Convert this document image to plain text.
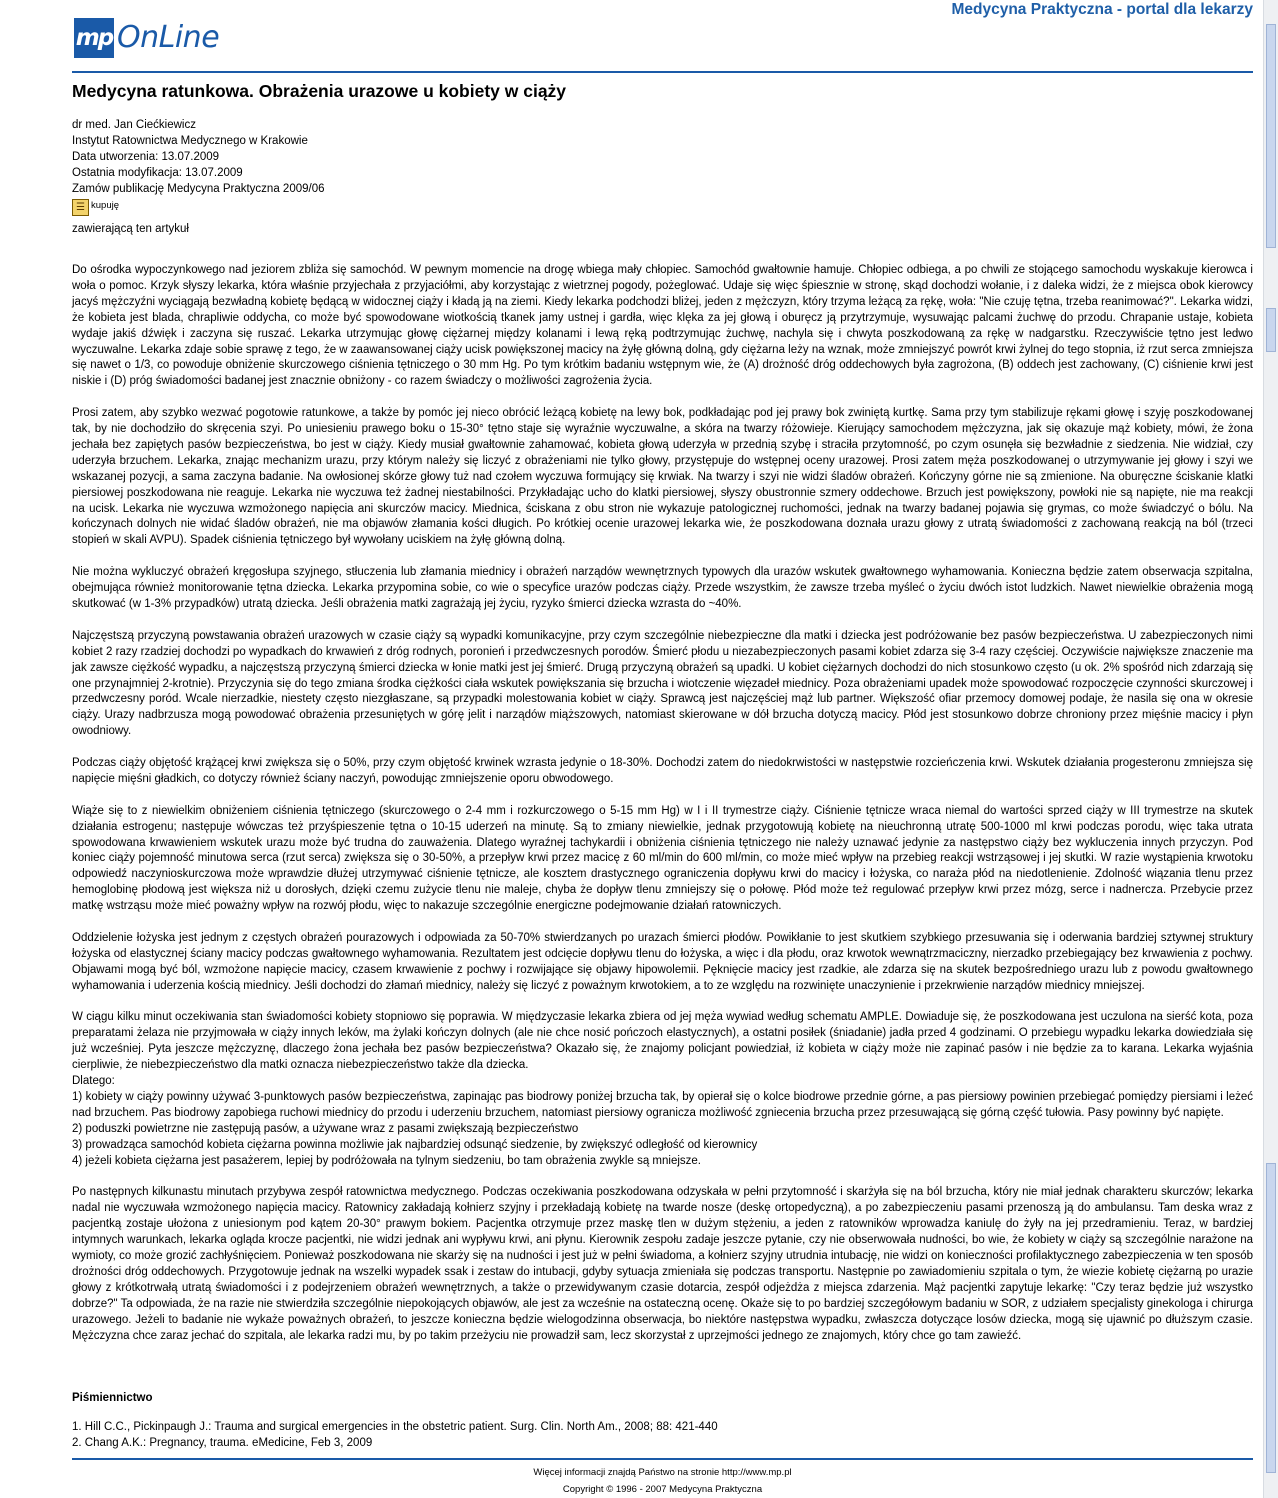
Medycyna Praktyczna - portal dla lekarzy
mp OnLine
Medycyna ratunkowa. Obrażenia urazowe u kobiety w ciąży
dr med. Jan Ciećkiewicz
Instytut Ratownictwa Medycznego w Krakowie
Data utworzenia: 13.07.2009
Ostatnia modyfikacja: 13.07.2009
Zamów publikację Medycyna Praktyczna 2009/06
☰ kupuję
zawierającą ten artykuł

Do ośrodka wypoczynkowego nad jeziorem zbliża się samochód. W pewnym momencie na drogę wbiega mały chłopiec. Samochód gwałtownie hamuje. Chłopiec odbiega, a po chwili ze stojącego samochodu wyskakuje kierowca i woła o pomoc. Krzyk słyszy lekarka, która właśnie przyjechała z przyjaciółmi, aby korzystając z wietrznej pogody, pożeglować. Udaje się więc śpiesznie w stronę, skąd dochodzi wołanie, i z daleka widzi, że z miejsca obok kierowcy jacyś mężczyźni wyciągają bezwładną kobietę będącą w widocznej ciąży i kładą ją na ziemi. Kiedy lekarka podchodzi bliżej, jeden z mężczyzn, który trzyma leżącą za rękę, woła: "Nie czuję tętna, trzeba reanimować?". Lekarka widzi, że kobieta jest blada, chrapliwie oddycha, co może być spowodowane wiotkością tkanek jamy ustnej i gardła, więc klęka za jej głową i oburęcz ją przytrzymuje, wysuwając palcami żuchwę do przodu. Chrapanie ustaje, kobieta wydaje jakiś dźwięk i zaczyna się ruszać. Lekarka utrzymując głowę ciężarnej między kolanami i lewą ręką podtrzymując żuchwę, nachyla się i chwyta poszkodowaną za rękę w nadgarstku. Rzeczywiście tętno jest ledwo wyczuwalne. Lekarka zdaje sobie sprawę z tego, że w zaawansowanej ciąży ucisk powiększonej macicy na żyłę główną dolną, gdy ciężarna leży na wznak, może zmniejszyć powrót krwi żylnej do tego stopnia, iż rzut serca zmniejsza się nawet o 1/3, co powoduje obniżenie skurczowego ciśnienia tętniczego o 30 mm Hg. Po tym krótkim badaniu wstępnym wie, że (A) drożność dróg oddechowych była zagrożona, (B) oddech jest zachowany, (C) ciśnienie krwi jest niskie i (D) próg świadomości badanej jest znacznie obniżony - co razem świadczy o możliwości zagrożenia życia.

Prosi zatem, aby szybko wezwać pogotowie ratunkowe, a także by pomóc jej nieco obrócić leżącą kobietę na lewy bok, podkładając pod jej prawy bok zwiniętą kurtkę. Sama przy tym stabilizuje rękami głowę i szyję poszkodowanej tak, by nie dochodziło do skręcenia szyi. Po uniesieniu prawego boku o 15-30° tętno staje się wyraźnie wyczuwalne, a skóra na twarzy różowieje. Kierujący samochodem mężczyzna, jak się okazuje mąż kobiety, mówi, że żona jechała bez zapiętych pasów bezpieczeństwa, bo jest w ciąży. Kiedy musiał gwałtownie zahamować, kobieta głową uderzyła w przednią szybę i straciła przytomność, po czym osunęła się bezwładnie z siedzenia. Nie widział, czy uderzyła brzuchem. Lekarka, znając mechanizm urazu, przy którym należy się liczyć z obrażeniami nie tylko głowy, przystępuje do wstępnej oceny urazowej. Prosi zatem męża poszkodowanej o utrzymywanie jej głowy i szyi we wskazanej pozycji, a sama zaczyna badanie. Na owłosionej skórze głowy tuż nad czołem wyczuwa formujący się krwiak. Na twarzy i szyi nie widzi śladów obrażeń. Kończyny górne nie są zmienione. Na oburęczne ściskanie klatki piersiowej poszkodowana nie reaguje. Lekarka nie wyczuwa też żadnej niestabilności. Przykładając ucho do klatki piersiowej, słyszy obustronnie szmery oddechowe. Brzuch jest powiększony, powłoki nie są napięte, nie ma reakcji na ucisk. Lekarka nie wyczuwa wzmożonego napięcia ani skurczów macicy. Miednica, ściskana z obu stron nie wykazuje patologicznej ruchomości, jednak na twarzy badanej pojawia się grymas, co może świadczyć o bólu. Na kończynach dolnych nie widać śladów obrażeń, nie ma objawów złamania kości długich. Po krótkiej ocenie urazowej lekarka wie, że poszkodowana doznała urazu głowy z utratą świadomości z zachowaną reakcją na ból (trzeci stopień w skali AVPU). Spadek ciśnienia tętniczego był wywołany uciskiem na żyłę główną dolną.

Nie można wykluczyć obrażeń kręgosłupa szyjnego, stłuczenia lub złamania miednicy i obrażeń narządów wewnętrznych typowych dla urazów wskutek gwałtownego wyhamowania. Konieczna będzie zatem obserwacja szpitalna, obejmująca również monitorowanie tętna dziecka. Lekarka przypomina sobie, co wie o specyfice urazów podczas ciąży. Przede wszystkim, że zawsze trzeba myśleć o życiu dwóch istot ludzkich. Nawet niewielkie obrażenia mogą skutkować (w 1-3% przypadków) utratą dziecka. Jeśli obrażenia matki zagrażają jej życiu, ryzyko śmierci dziecka wzrasta do ~40%.

Najczęstszą przyczyną powstawania obrażeń urazowych w czasie ciąży są wypadki komunikacyjne, przy czym szczególnie niebezpieczne dla matki i dziecka jest podróżowanie bez pasów bezpieczeństwa. U zabezpieczonych nimi kobiet 2 razy rzadziej dochodzi po wypadkach do krwawień z dróg rodnych, poronień i przedwczesnych porodów. Śmierć płodu u niezabezpieczonych pasami kobiet zdarza się 3-4 razy częściej. Oczywiście największe znaczenie ma jak zawsze ciężkość wypadku, a najczęstszą przyczyną śmierci dziecka w łonie matki jest jej śmierć. Drugą przyczyną obrażeń są upadki. U kobiet ciężarnych dochodzi do nich stosunkowo często (u ok. 2% spośród nich zdarzają się one przynajmniej 2-krotnie). Przyczynia się do tego zmiana środka ciężkości ciała wskutek powiększania się brzucha i wiotczenie więzadeł miednicy. Poza obrażeniami upadek może spowodować rozpoczęcie czynności skurczowej i przedwczesny poród. Wcale nierzadkie, niestety często niezgłaszane, są przypadki molestowania kobiet w ciąży. Sprawcą jest najczęściej mąż lub partner. Większość ofiar przemocy domowej podaje, że nasila się ona w okresie ciąży. Urazy nadbrzusza mogą powodować obrażenia przesuniętych w górę jelit i narządów miąższowych, natomiast skierowane w dół brzucha dotyczą macicy. Płód jest stosunkowo dobrze chroniony przez mięśnie macicy i płyn owodniowy.

Podczas ciąży objętość krążącej krwi zwiększa się o 50%, przy czym objętość krwinek wzrasta jedynie o 18-30%. Dochodzi zatem do niedokrwistości w następstwie rozcieńczenia krwi. Wskutek działania progesteronu zmniejsza się napięcie mięśni gładkich, co dotyczy również ściany naczyń, powodując zmniejszenie oporu obwodowego.

Wiąże się to z niewielkim obniżeniem ciśnienia tętniczego (skurczowego o 2-4 mm i rozkurczowego o 5-15 mm Hg) w I i II trymestrze ciąży. Ciśnienie tętnicze wraca niemal do wartości sprzed ciąży w III trymestrze na skutek działania estrogenu; następuje wówczas też przyśpieszenie tętna o 10-15 uderzeń na minutę. Są to zmiany niewielkie, jednak przygotowują kobietę na nieuchronną utratę 500-1000 ml krwi podczas porodu, więc taka utrata spowodowana krwawieniem wskutek urazu może być trudna do zauważenia. Dlatego wyraźnej tachykardii i obniżenia ciśnienia tętniczego nie należy uznawać jedynie za następstwo ciąży bez wykluczenia innych przyczyn. Pod koniec ciąży pojemność minutowa serca (rzut serca) zwiększa się o 30-50%, a przepływ krwi przez macicę z 60 ml/min do 600 ml/min, co może mieć wpływ na przebieg reakcji wstrząsowej i jej skutki. W razie wystąpienia krwotoku odpowiedź naczynioskurczowa może wprawdzie dłużej utrzymywać ciśnienie tętnicze, ale kosztem drastycznego ograniczenia dopływu krwi do macicy i łożyska, co naraża płód na niedotlenienie. Zdolność wiązania tlenu przez hemoglobinę płodową jest większa niż u dorosłych, dzięki czemu zużycie tlenu nie maleje, chyba że dopływ tlenu zmniejszy się o połowę. Płód może też regulować przepływ krwi przez mózg, serce i nadnercza. Przebycie przez matkę wstrząsu może mieć poważny wpływ na rozwój płodu, więc to nakazuje szczególnie energiczne podejmowanie działań ratowniczych.

Oddzielenie łożyska jest jednym z częstych obrażeń pourazowych i odpowiada za 50-70% stwierdzanych po urazach śmierci płodów. Powikłanie to jest skutkiem szybkiego przesuwania się i oderwania bardziej sztywnej struktury łożyska od elastycznej ściany macicy podczas gwałtownego wyhamowania. Rezultatem jest odcięcie dopływu tlenu do łożyska, a więc i dla płodu, oraz krwotok wewnątrzmaciczny, nierzadko przebiegający bez krwawienia z pochwy. Objawami mogą być ból, wzmożone napięcie macicy, czasem krwawienie z pochwy i rozwijające się objawy hipowolemii. Pęknięcie macicy jest rzadkie, ale zdarza się na skutek bezpośredniego urazu lub z powodu gwałtownego wyhamowania i uderzenia kością miednicy. Jeśli dochodzi do złamań miednicy, należy się liczyć z poważnym krwotokiem, a to ze względu na rozwinięte unaczynienie i przekrwienie narządów miednicy mniejszej.

W ciągu kilku minut oczekiwania stan świadomości kobiety stopniowo się poprawia. W międzyczasie lekarka zbiera od jej męża wywiad według schematu AMPLE. Dowiaduje się, że poszkodowana jest uczulona na sierść kota, poza preparatami żelaza nie przyjmowała w ciąży innych leków, ma żylaki kończyn dolnych (ale nie chce nosić pończoch elastycznych), a ostatni posiłek (śniadanie) jadła przed 4 godzinami. O przebiegu wypadku lekarka dowiedziała się już wcześniej. Pyta jeszcze mężczyznę, dlaczego żona jechała bez pasów bezpieczeństwa? Okazało się, że znajomy policjant powiedział, iż kobieta w ciąży może nie zapinać pasów i nie będzie za to karana. Lekarka wyjaśnia cierpliwie, że niebezpieczeństwo dla matki oznacza niebezpieczeństwo także dla dziecka.
Dlatego:
1) kobiety w ciąży powinny używać 3-punktowych pasów bezpieczeństwa, zapinając pas biodrowy poniżej brzucha tak, by opierał się o kolce biodrowe przednie górne, a pas piersiowy powinien przebiegać pomiędzy piersiami i leżeć nad brzuchem. Pas biodrowy zapobiega ruchowi miednicy do przodu i uderzeniu brzuchem, natomiast piersiowy ogranicza możliwość zgniecenia brzucha przez przesuwającą się górną część tułowia. Pasy powinny być napięte.
2) poduszki powietrzne nie zastępują pasów, a używane wraz z pasami zwiększają bezpieczeństwo
3) prowadząca samochód kobieta ciężarna powinna możliwie jak najbardziej odsunąć siedzenie, by zwiększyć odległość od kierownicy
4) jeżeli kobieta ciężarna jest pasażerem, lepiej by podróżowała na tylnym siedzeniu, bo tam obrażenia zwykle są mniejsze.

Po następnych kilkunastu minutach przybywa zespół ratownictwa medycznego. Podczas oczekiwania poszkodowana odzyskała w pełni przytomność i skarżyła się na ból brzucha, który nie miał jednak charakteru skurczów; lekarka nadal nie wyczuwała wzmożonego napięcia macicy. Ratownicy zakładają kołnierz szyjny i przekładają kobietę na twarde nosze (deskę ortopedyczną), a po zabezpieczeniu pasami przenoszą ją do ambulansu. Tam deska wraz z pacjentką zostaje ułożona z uniesionym pod kątem 20-30° prawym bokiem. Pacjentka otrzymuje przez maskę tlen w dużym stężeniu, a jeden z ratowników wprowadza kaniulę do żyły na jej przedramieniu. Teraz, w bardziej intymnych warunkach, lekarka ogląda krocze pacjentki, nie widzi jednak ani wypływu krwi, ani płynu. Kierownik zespołu zadaje jeszcze pytanie, czy nie obserwowała nudności, bo wie, że kobiety w ciąży są szczególnie narażone na wymioty, co może grozić zachłyśnięciem. Ponieważ poszkodowana nie skarży się na nudności i jest już w pełni świadoma, a kołnierz szyjny utrudnia intubację, nie widzi on konieczności profilaktycznego zabezpieczenia w ten sposób drożności dróg oddechowych. Przygotowuje jednak na wszelki wypadek ssak i zestaw do intubacji, gdyby sytuacja zmieniała się podczas transportu. Następnie po zawiadomieniu szpitala o tym, że wiezie kobietę ciężarną po urazie głowy z krótkotrwałą utratą świadomości i z podejrzeniem obrażeń wewnętrznych, a także o przewidywanym czasie dotarcia, zespół odjeżdża z miejsca zdarzenia. Mąż pacjentki zapytuje lekarkę: "Czy teraz będzie już wszystko dobrze?" Ta odpowiada, że na razie nie stwierdziła szczególnie niepokojących objawów, ale jest za wcześnie na ostateczną ocenę. Okaże się to po bardziej szczegółowym badaniu w SOR, z udziałem specjalisty ginekologa i chirurga urazowego. Jeżeli to badanie nie wykaże poważnych obrażeń, to jeszcze konieczna będzie wielogodzinna obserwacja, bo niektóre następstwa wypadku, zwłaszcza dotyczące losów dziecka, mogą się ujawnić po dłuższym czasie. Mężczyzna chce zaraz jechać do szpitala, ale lekarka radzi mu, by po takim przeżyciu nie prowadził sam, lecz skorzystał z uprzejmości jednego ze znajomych, który chce go tam zawieźć.

Piśmiennictwo
1. Hill C.C., Pickinpaugh J.: Trauma and surgical emergencies in the obstetric patient. Surg. Clin. North Am., 2008; 88: 421-440
2. Chang A.K.: Pregnancy, trauma. eMedicine, Feb 3, 2009
Więcej informacji znajdą Państwo na stronie http://www.mp.pl
Copyright © 1996 - 2007 Medycyna Praktyczna
